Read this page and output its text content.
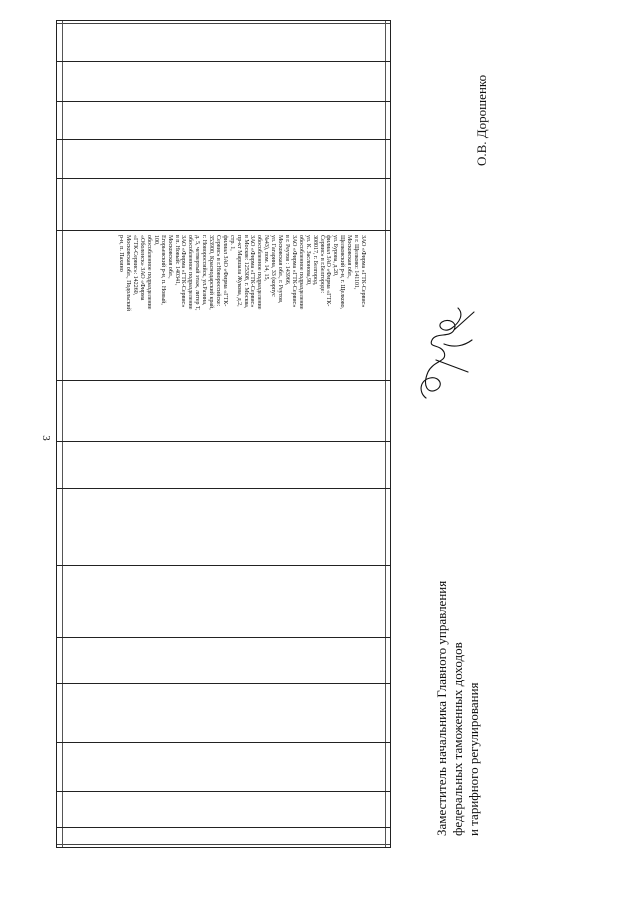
3
ЗАО «Фирма «ГТК-Сервис»
в г. Щелково: 141101,
Московская обл.,
Щелковский р-н, г. Щелково,
ул. Бурова, д.20,
филиал ЗАО «Фирма «ГТК-
Сервис» в г.Белгороде:
308017, г. Белгород,
ул. К. Заслонова,90,
обособленное подразделение
ЗАО «Фирма «ГТК-Сервис»
в г. Реутов : 143966,
Московская обл., г. Реутов,
ул. Гагарина, 33 (корпус
№43), пом. 14, 15,
обособленное подразделение
ЗАО «Фирма «ГТК-Сервис»
в Москве: 125308, г. Москва,
пр-кт Маршала Жукова, д.2,
стр. 1,
филиал ЗАО «Фирма «ГТК-
Сервис» в г.Новороссийске:
353900, Краснодарский край,
г. Новороссийск, ул.Разина,
д. 5, четвертый этаж, литер Т,
обособленное подразделение
ЗАО «Фирма «ГТК-Сервис»
в п. Новый: 140341,
Московская обл.,
Егорьевский р-н, п. Новый,
100,
обособленное подразделение
«Оболенск» ЗАО «Фирма
«ГТК-Сервис»: 142260,
Московская обл., Подольский
р-н, п. Пахино
Заместитель начальника Главного управления федеральных таможенных доходов и тарифного регулирования
О.В. Дорошенко
